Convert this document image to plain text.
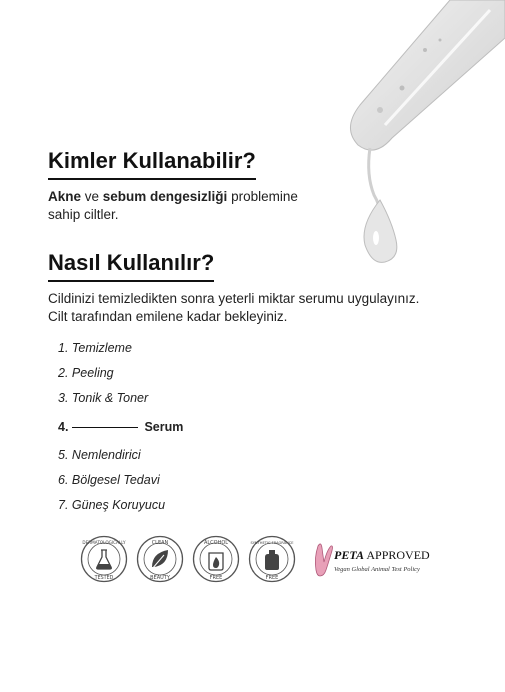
Kimler Kullanabilir?

Akne ve sebum dengesizliği problemine
sahip ciltler.

Nasıl Kullanılır?

Cildinizi temizledikten sonra yeterli miktar serumu uygulayınız.
Cilt tarafından emilene kadar bekleyiniz.

1. Temizleme
2. Peeling
3. Tonik & Toner
4.	Serum
5. Nemlendirici
6. Bölgesel Tedavi
7. Güneş Koruyucu
DERMATOLOGICALLY
TESTED
CLEAN
BEAUTY
ALCOHOL
FREE
SYNTHETIC FRAGRANCE
FREE
PETA APPROVED
Vegan Global Animal Test Policy
